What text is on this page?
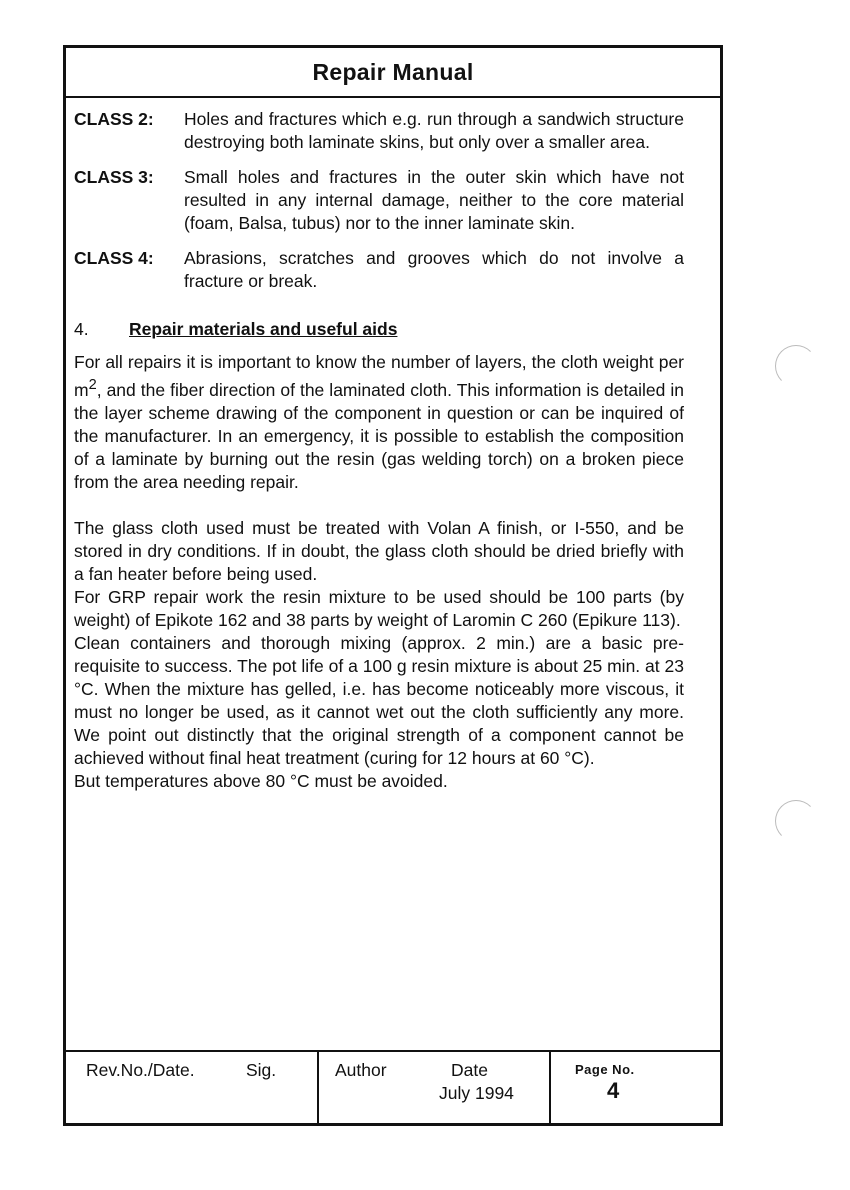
Repair Manual
CLASS 2:	Holes and fractures which e.g. run through a sandwich structure destroying both laminate skins, but only over a smaller area.
CLASS 3:	Small holes and fractures in the outer skin which have not resulted in any internal damage, neither to the core material (foam, Balsa, tubus) nor to the inner laminate skin.
CLASS 4:	Abrasions, scratches and grooves which do not involve a fracture or break.
4.	Repair materials and useful aids

For all repairs it is important to know the number of layers, the cloth weight per $m^2$, and the fiber direction of the laminated cloth. This information is detailed in the layer scheme drawing of the component in question or can be inquired of the manufacturer. In an emergency, it is possible to establish the composition of a laminate by burning out the resin (gas welding torch) on a broken piece from the area needing repair.

The glass cloth used must be treated with Volan A finish, or I-550, and be stored in dry conditions. If in doubt, the glass cloth should be dried briefly with a fan heater before being used.

For GRP repair work the resin mixture to be used should be 100 parts (by weight) of Epikote 162 and 38 parts by weight of Laromin C 260 (Epikure 113).

Clean containers and thorough mixing (approx. 2 min.) are a basic pre-requisite to success. The pot life of a 100 g resin mixture is about 25 min. at 23 °C. When the mixture has gelled, i.e. has become noticeably more viscous, it must no longer be used, as it cannot wet out the cloth sufficiently any more. We point out distinctly that the original strength of a component cannot be achieved without final heat treatment (curing for 12 hours at 60 °C).

But temperatures above 80 °C must be avoided.

Rev.No./Date.	Sig.	Author	Date
July 1994
Page No.
4
